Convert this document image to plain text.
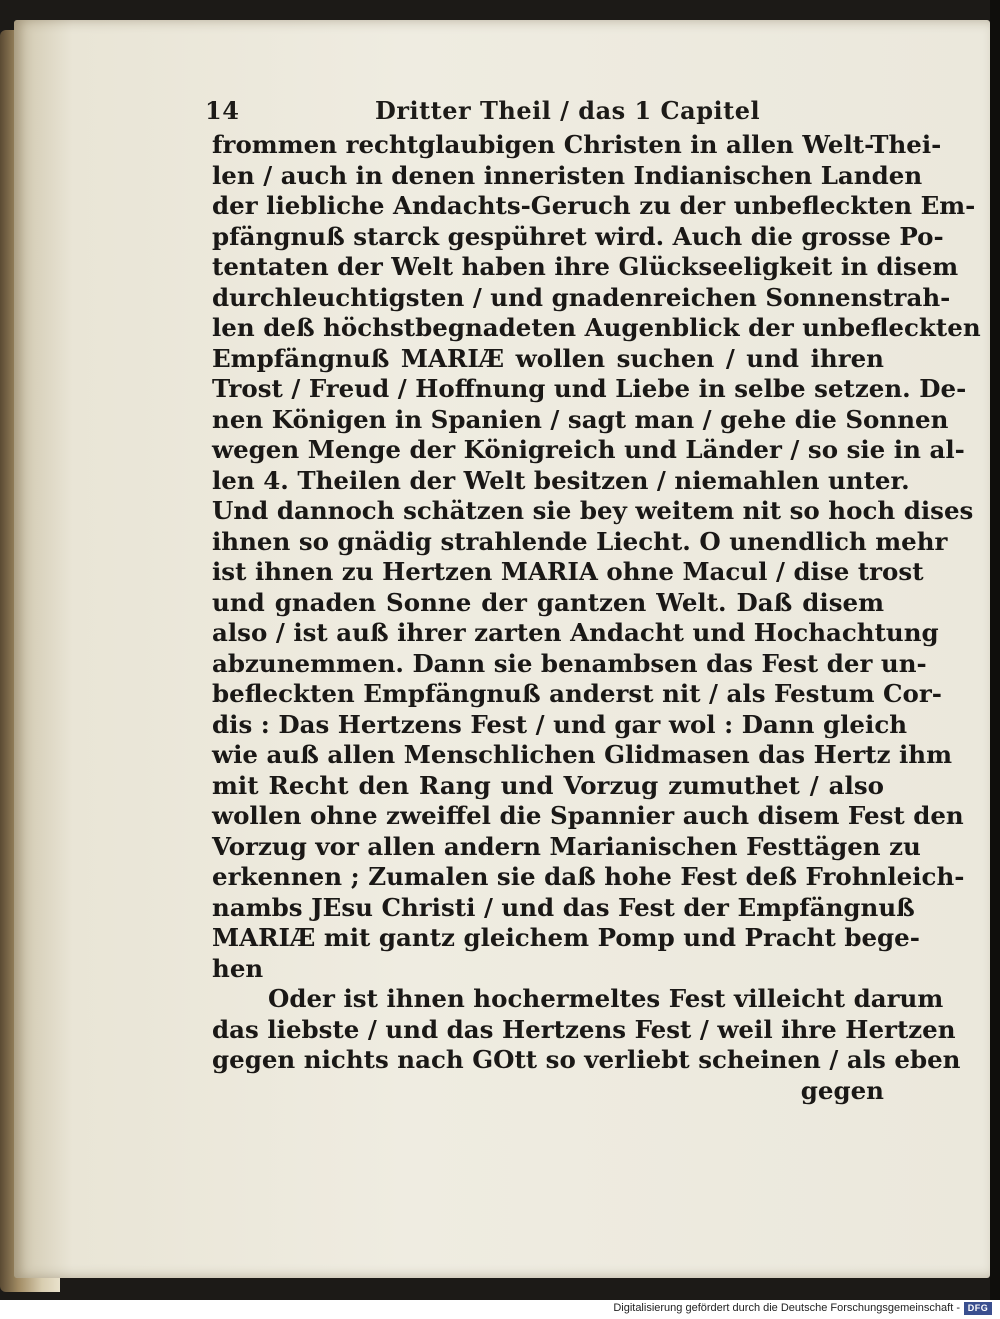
14	Dritter Theil / das 1 Capitel
frommen rechtglaubigen Christen in allen Welt-Thei-
len / auch in denen inneristen Indianischen Landen
der liebliche Andachts-Geruch zu der unbefleckten Em-
pfängnuß starck gespühret wird. Auch die grosse Po-
tentaten der Welt haben ihre Glückseeligkeit in disem
durchleuchtigsten / und gnadenreichen Sonnenstrah-
len deß höchstbegnadeten Augenblick der unbefleckten
Empfängnuß MARIÆ wollen suchen / und ihren
Trost / Freud / Hoffnung und Liebe in selbe setzen. De-
nen Königen in Spanien / sagt man / gehe die Sonnen
wegen Menge der Königreich und Länder / so sie in al-
len 4. Theilen der Welt besitzen / niemahlen unter.
Und dannoch schätzen sie bey weitem nit so hoch dises
ihnen so gnädig strahlende Liecht. O unendlich mehr
ist ihnen zu Hertzen MARIA ohne Macul / dise trost
und gnaden Sonne der gantzen Welt. Daß disem
also / ist auß ihrer zarten Andacht und Hochachtung
abzunemmen. Dann sie benambsen das Fest der un-
befleckten Empfängnuß anderst nit / als Festum Cor-
dis : Das Hertzens Fest / und gar wol : Dann gleich
wie auß allen Menschlichen Glidmasen das Hertz ihm
mit Recht den Rang und Vorzug zumuthet / also
wollen ohne zweiffel die Spannier auch disem Fest den
Vorzug vor allen andern Marianischen Festtägen zu
erkennen ; Zumalen sie daß hohe Fest deß Frohnleich-
nambs JEsu Christi / und das Fest der Empfängnuß
MARIÆ mit gantz gleichem Pomp und Pracht bege-
hen
Oder ist ihnen hochermeltes Fest villeicht darum
das liebste / und das Hertzens Fest / weil ihre Hertzen
gegen nichts nach GOtt so verliebt scheinen / als eben
gegen
Digitalisierung gefördert durch die Deutsche Forschungsgemeinschaft - DFG
